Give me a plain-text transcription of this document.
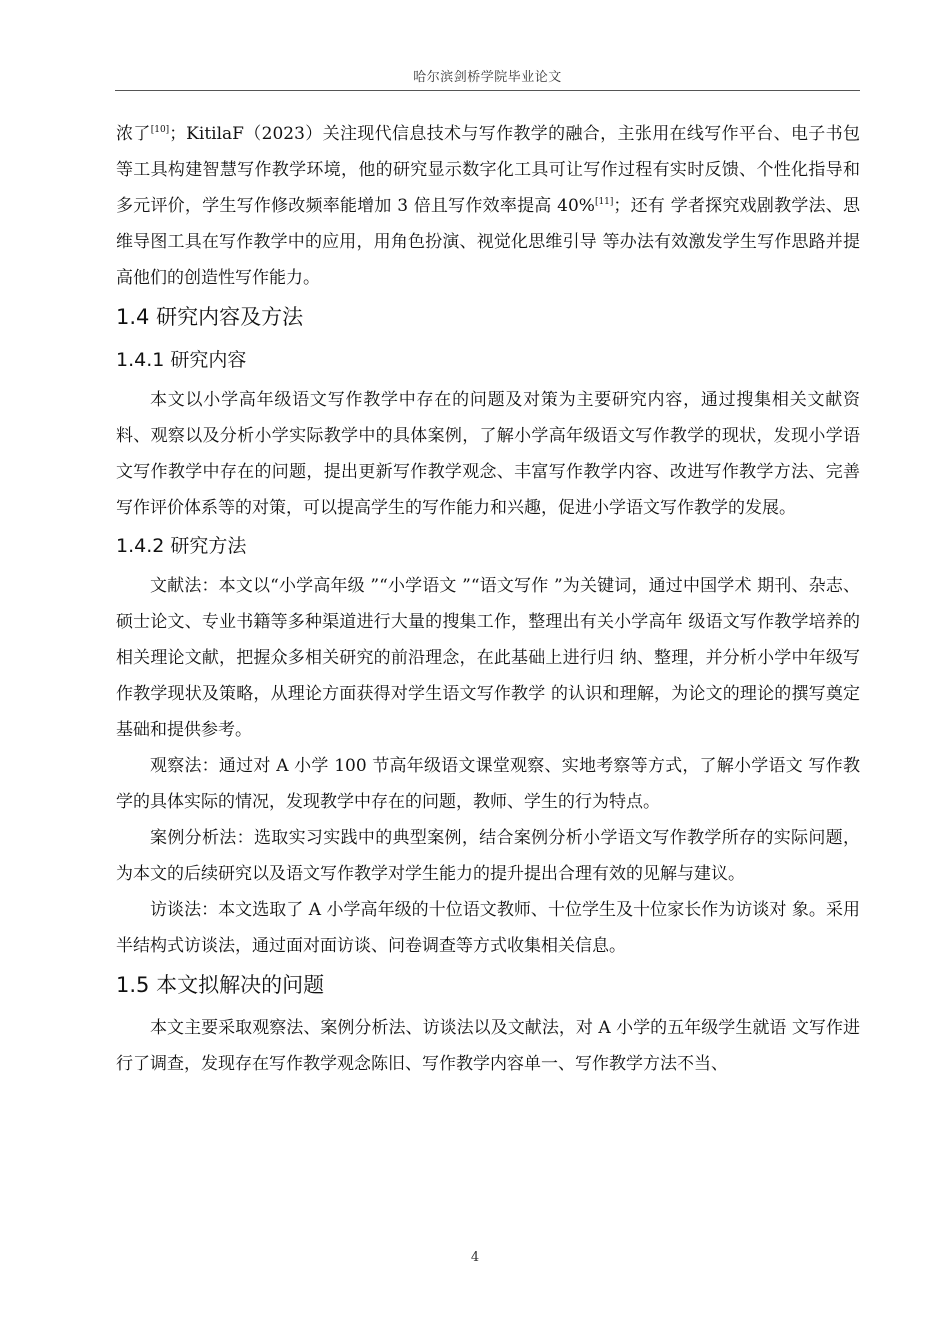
哈尔滨剑桥学院毕业论文

浓了[10]；KitilaF（2023）关注现代信息技术与写作教学的融合，主张用在线写作平台、电子书包等工具构建智慧写作教学环境，他的研究显示数字化工具可让写作过程有实时反馈、个性化指导和多元评价，学生写作修改频率能增加 3 倍且写作效率提高 40%[11]；还有 学者探究戏剧教学法、思维导图工具在写作教学中的应用，用角色扮演、视觉化思维引导 等办法有效激发学生写作思路并提高他们的创造性写作能力。

1.4 研究内容及方法
1.4.1 研究内容

本文以小学高年级语文写作教学中存在的问题及对策为主要研究内容，通过搜集相关文献资料、观察以及分析小学实际教学中的具体案例，了解小学高年级语文写作教学的现状，发现小学语文写作教学中存在的问题，提出更新写作教学观念、丰富写作教学内容、改进写作教学方法、完善写作评价体系等的对策，可以提高学生的写作能力和兴趣，促进小学语文写作教学的发展。

1.4.2 研究方法

文献法：本文以“小学高年级 ”“小学语文 ”“语文写作 ”为关键词，通过中国学术 期刊、杂志、硕士论文、专业书籍等多种渠道进行大量的搜集工作，整理出有关小学高年 级语文写作教学培养的相关理论文献，把握众多相关研究的前沿理念，在此基础上进行归 纳、整理，并分析小学中年级写作教学现状及策略，从理论方面获得对学生语文写作教学 的认识和理解，为论文的理论的撰写奠定基础和提供参考。

观察法：通过对 A 小学 100 节高年级语文课堂观察、实地考察等方式，了解小学语文 写作教学的具体实际的情况，发现教学中存在的问题，教师、学生的行为特点。

案例分析法：选取实习实践中的典型案例，结合案例分析小学语文写作教学所存的实际问题，为本文的后续研究以及语文写作教学对学生能力的提升提出合理有效的见解与建议。

访谈法：本文选取了 A 小学高年级的十位语文教师、十位学生及十位家长作为访谈对 象。采用半结构式访谈法，通过面对面访谈、问卷调查等方式收集相关信息。

1.5 本文拟解决的问题

本文主要采取观察法、案例分析法、访谈法以及文献法，对 A 小学的五年级学生就语 文写作进行了调查，发现存在写作教学观念陈旧、写作教学内容单一、写作教学方法不当、

4
